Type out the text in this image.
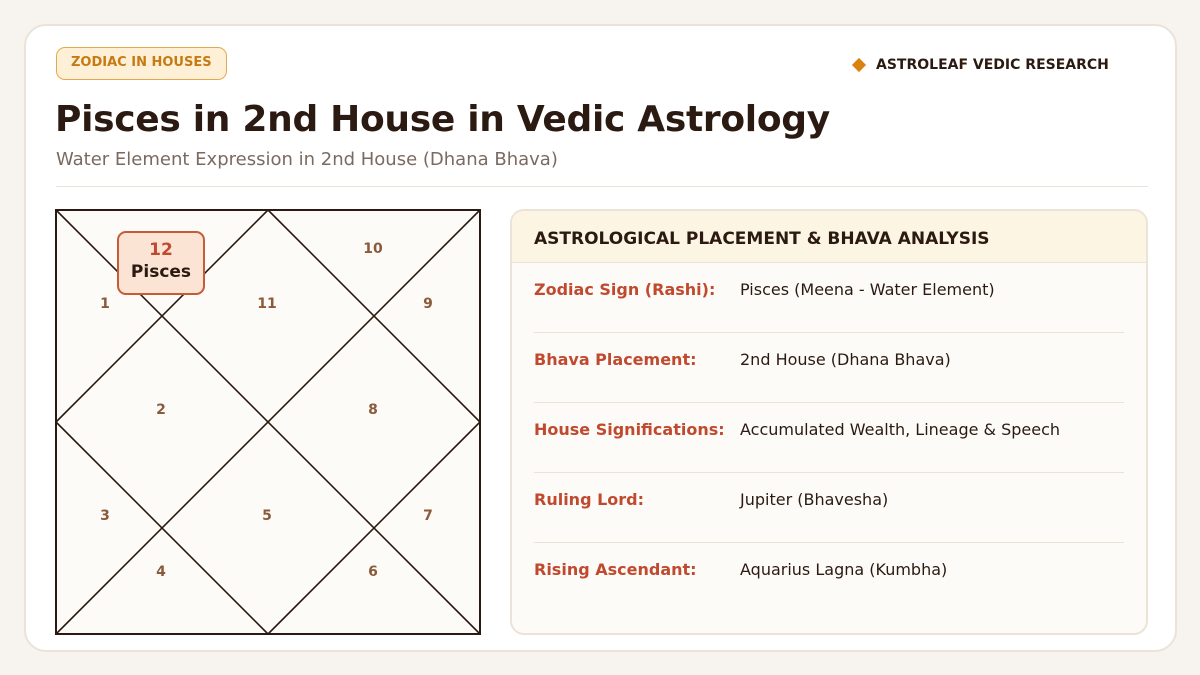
ZODIAC IN HOUSES	ASTROLEAF VEDIC RESEARCH
Pisces in 2nd House in Vedic Astrology
Water Element Expression in 2nd House (Dhana Bhava)
1
2
3
4
5
6
7
8
9
10
11
12
Pisces
ASTROLOGICAL PLACEMENT & BHAVA ANALYSIS
Zodiac Sign (Rashi):	Pisces (Meena - Water Element)
Bhava Placement:	2nd House (Dhana Bhava)
House Significations: Accumulated Wealth, Lineage & Speech
Ruling Lord:	Jupiter (Bhavesha)
Rising Ascendant:	Aquarius Lagna (Kumbha)
